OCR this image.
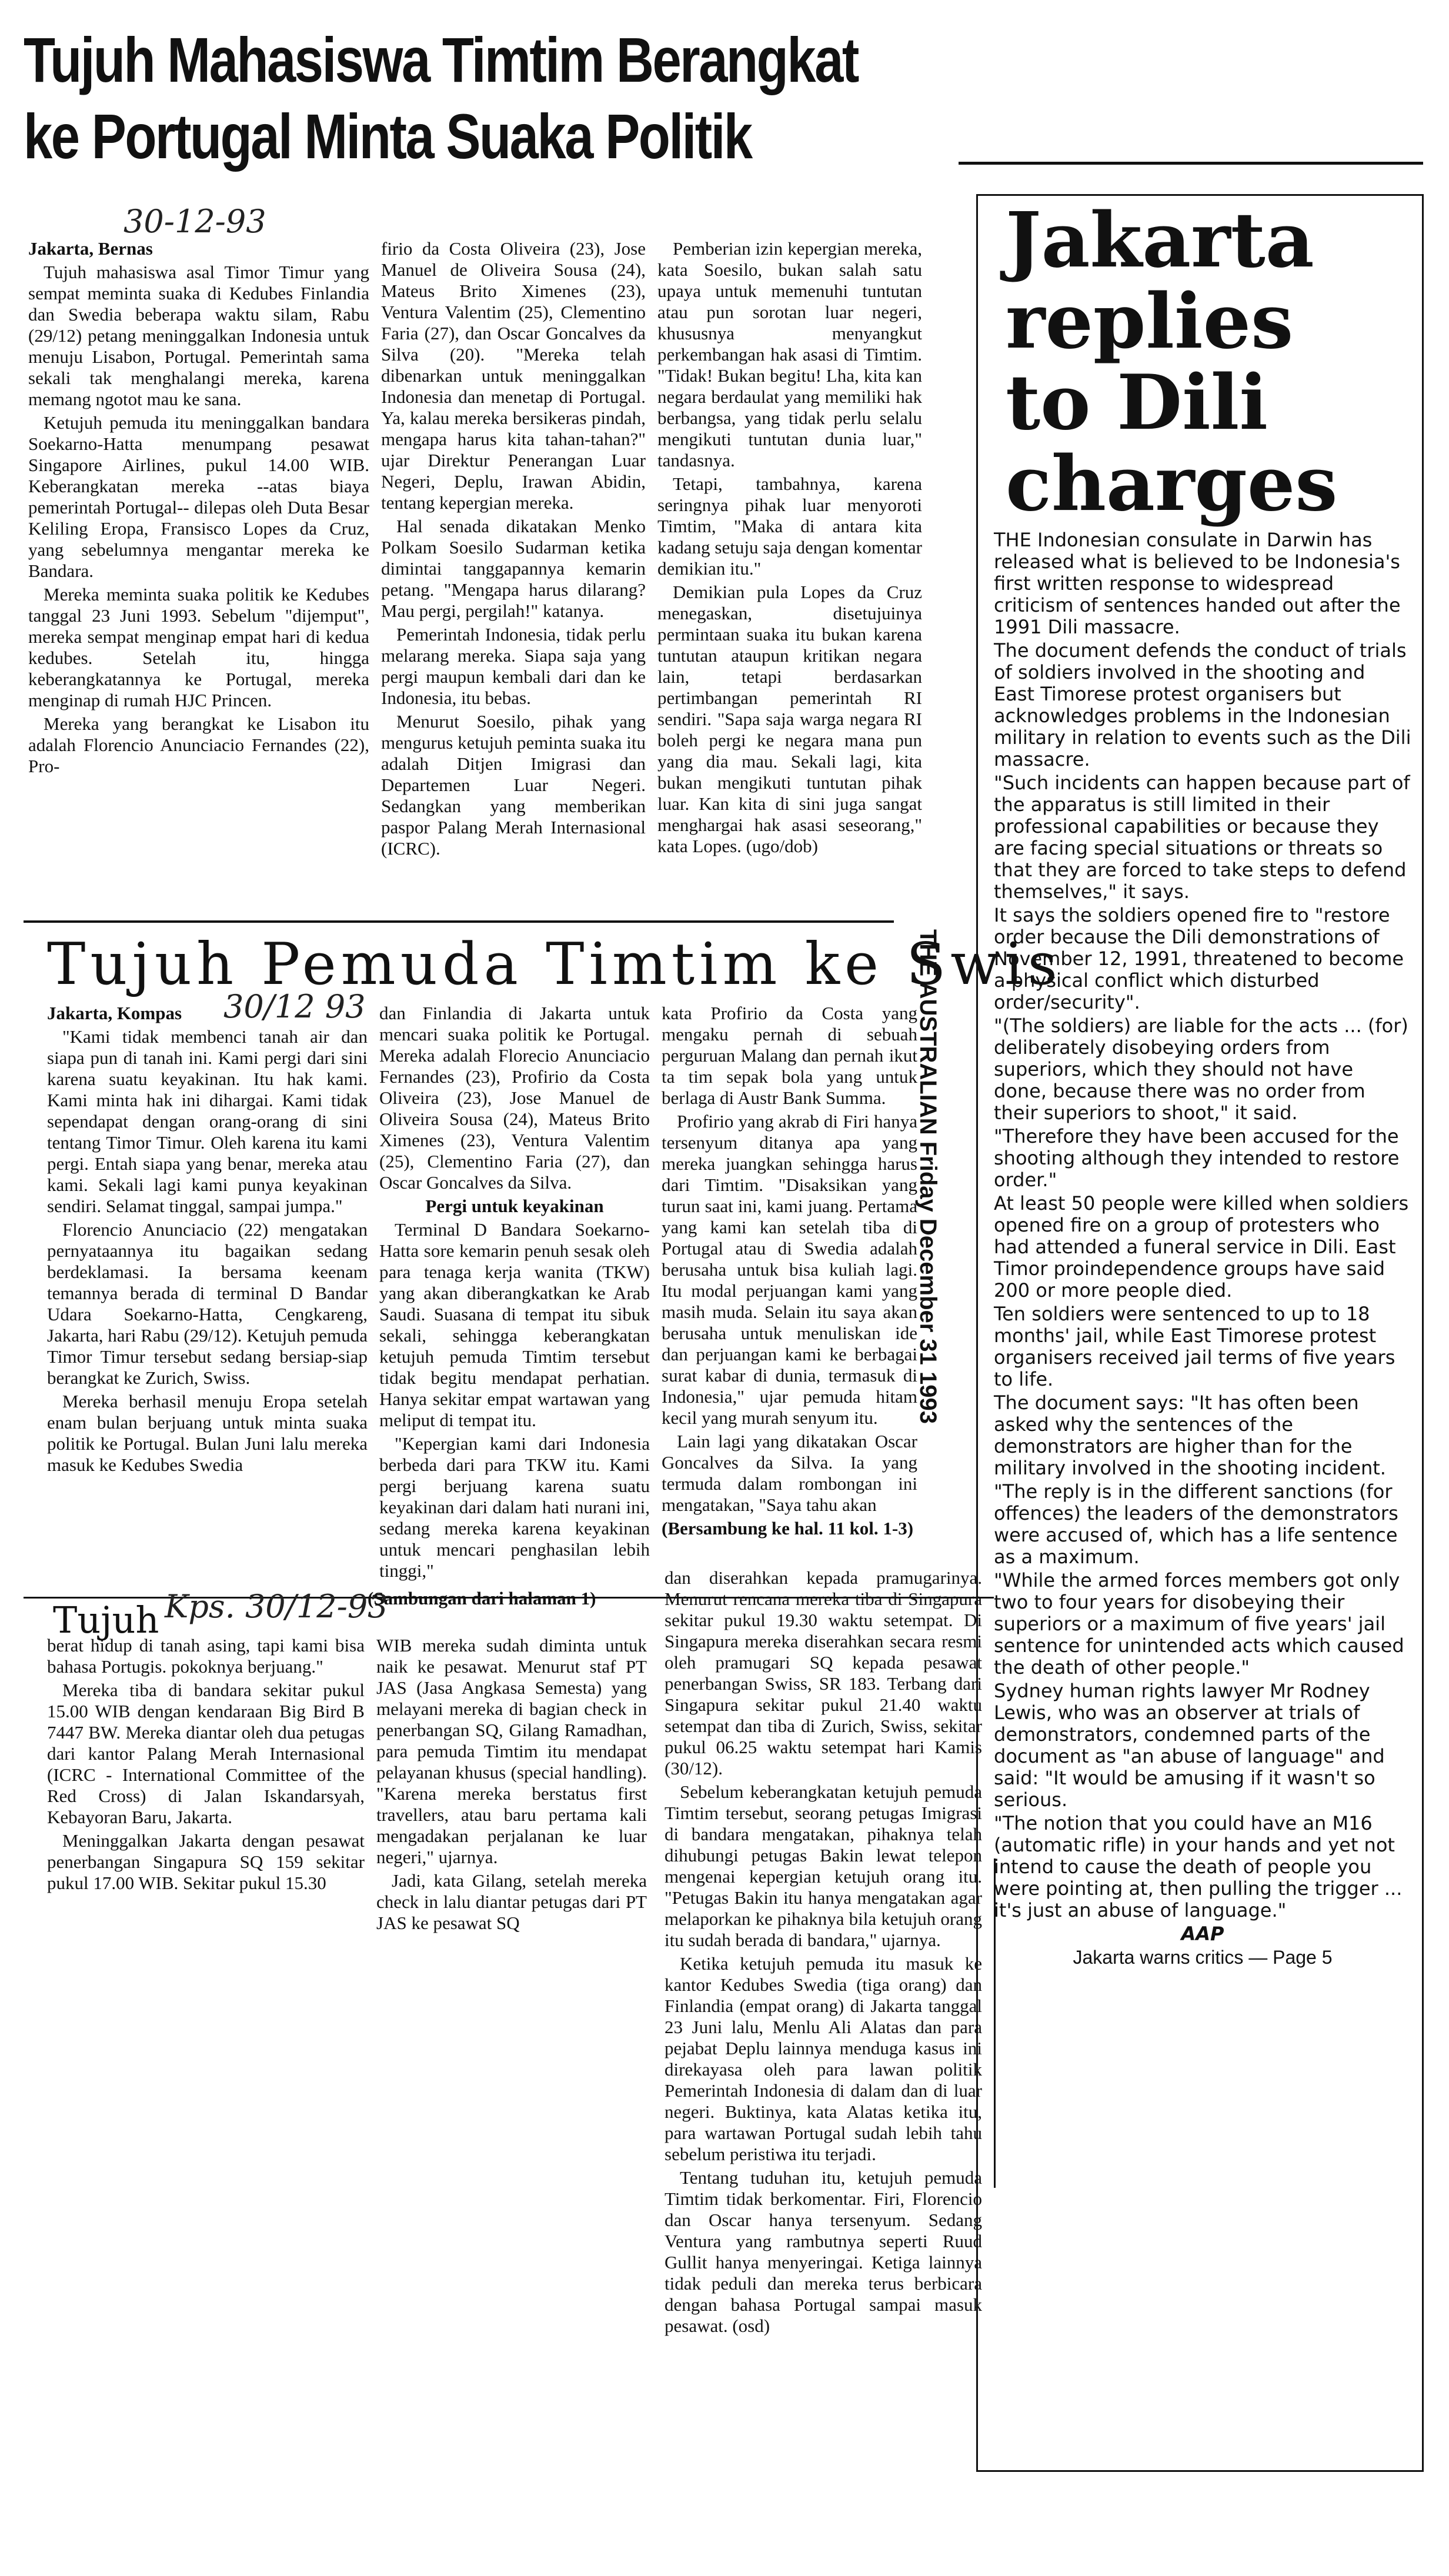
Tujuh Mahasiswa Timtim Berangkat
ke Portugal Minta Suaka Politik
30-12-93

Jakarta, Bernas

Tujuh mahasiswa asal Timor Timur yang sempat meminta suaka di Kedubes Finlandia dan Swedia beberapa waktu silam, Rabu (29/12) petang meninggalkan Indonesia untuk menuju Lisabon, Portugal. Pemerintah sama sekali tak menghalangi mereka, karena memang ngotot mau ke sana.

Ketujuh pemuda itu meninggalkan bandara Soekarno-Hatta menumpang pesawat Singapore Airlines, pukul 14.00 WIB. Keberangkatan mereka --atas biaya pemerintah Portugal-- dilepas oleh Duta Besar Keliling Eropa, Fransisco Lopes da Cruz, yang sebelumnya mengantar mereka ke Bandara.

Mereka meminta suaka politik ke Kedubes tanggal 23 Juni 1993. Sebelum "dijemput", mereka sempat menginap empat hari di kedua kedubes. Setelah itu, hingga keberangkatannya ke Portugal, mereka menginap di rumah HJC Princen.

Mereka yang berangkat ke Lisabon itu adalah Florencio Anunciacio Fernandes (22), Pro-

firio da Costa Oliveira (23), Jose Manuel de Oliveira Sousa (24), Mateus Brito Ximenes (23), Ventura Valentim (25), Clementino Faria (27), dan Oscar Goncalves da Silva (20). "Mereka telah dibenarkan untuk meninggalkan Indonesia dan menetap di Portugal. Ya, kalau mereka bersikeras pindah, mengapa harus kita tahan-tahan?" ujar Direktur Penerangan Luar Negeri, Deplu, Irawan Abidin, tentang kepergian mereka.

Hal senada dikatakan Menko Polkam Soesilo Sudarman ketika dimintai tanggapannya kemarin petang. "Mengapa harus dilarang? Mau pergi, pergilah!" katanya.

Pemerintah Indonesia, tidak perlu melarang mereka. Siapa saja yang pergi maupun kembali dari dan ke Indonesia, itu bebas.

Menurut Soesilo, pihak yang mengurus ketujuh peminta suaka itu adalah Ditjen Imigrasi dan Departemen Luar Negeri. Sedangkan yang memberikan paspor Palang Merah Internasional (ICRC).

Pemberian izin kepergian mereka, kata Soesilo, bukan salah satu upaya untuk memenuhi tuntutan atau pun sorotan luar negeri, khususnya menyangkut perkembangan hak asasi di Timtim. "Tidak! Bukan begitu! Lha, kita kan negara berdaulat yang memiliki hak berbangsa, yang tidak perlu selalu mengikuti tuntutan dunia luar," tandasnya.

Tetapi, tambahnya, karena seringnya pihak luar menyoroti Timtim, "Maka di antara kita kadang setuju saja dengan komentar demikian itu."

Demikian pula Lopes da Cruz menegaskan, disetujuinya permintaan suaka itu bukan karena tuntutan ataupun kritikan negara lain, tetapi berdasarkan pertimbangan pemerintah RI sendiri. "Sapa saja warga negara RI boleh pergi ke negara mana pun yang dia mau. Sekali lagi, kita bukan mengikuti tuntutan pihak luar. Kan kita di sini juga sangat menghargai hak asasi seseorang," kata Lopes. (ugo/dob)

Tujuh Pemuda Timtim ke Swis
30/12 93

Jakarta, Kompas

"Kami tidak membenci tanah air dan siapa pun di tanah ini. Kami pergi dari sini karena suatu keyakinan. Itu hak kami. Kami minta hak ini dihargai. Kami tidak sependapat dengan orang-orang di sini tentang Timor Timur. Oleh karena itu kami pergi. Entah siapa yang benar, mereka atau kami. Sekali lagi kami punya keyakinan sendiri. Selamat tinggal, sampai jumpa."

Florencio Anunciacio (22) mengatakan pernyataannya itu bagaikan sedang berdeklamasi. Ia bersama keenam temannya berada di terminal D Bandar Udara Soekarno-Hatta, Cengkareng, Jakarta, hari Rabu (29/12). Ketujuh pemuda Timor Timur tersebut sedang bersiap-siap berangkat ke Zurich, Swiss.

Mereka berhasil menuju Eropa setelah enam bulan berjuang untuk minta suaka politik ke Portugal. Bulan Juni lalu mereka masuk ke Kedubes Swedia

dan Finlandia di Jakarta untuk mencari suaka politik ke Portugal. Mereka adalah Florecio Anunciacio Fernandes (23), Profirio da Costa Oliveira (23), Jose Manuel de Oliveira Sousa (24), Mateus Brito Ximenes (23), Ventura Valentim (25), Clementino Faria (27), dan Oscar Goncalves da Silva.

Pergi untuk keyakinan

Terminal D Bandara Soekarno-Hatta sore kemarin penuh sesak oleh para tenaga kerja wanita (TKW) yang akan diberangkatkan ke Arab Saudi. Suasana di tempat itu sibuk sekali, sehingga keberangkatan ketujuh pemuda Timtim tersebut tidak begitu mendapat perhatian. Hanya sekitar empat wartawan yang meliput di tempat itu.

"Kepergian kami dari Indonesia berbeda dari para TKW itu. Kami pergi berjuang karena suatu keyakinan dari dalam hati nurani ini, sedang mereka karena keyakinan untuk mencari penghasilan lebih tinggi,"

kata Profirio da Costa yang mengaku pernah di sebuah perguruan Malang dan pernah ikut ta tim sepak bola yang untuk berlaga di Austr Bank Summa.

Profirio yang akrab di Firi hanya tersenyum ditanya apa yang mereka juangkan sehingga harus dari Timtim. "Disaksikan yang turun saat ini, kami juang. Pertama yang kami kan setelah tiba di Portugal atau di Swedia adalah berusaha untuk bisa kuliah lagi. Itu modal perjuangan kami yang masih muda. Selain itu saya akan berusaha untuk menuliskan ide dan perjuangan kami ke berbagai surat kabar di dunia, termasuk di Indonesia," ujar pemuda hitam kecil yang murah senyum itu.

Lain lagi yang dikatakan Oscar Goncalves da Silva. Ia yang termuda dalam rombongan ini mengatakan, "Saya tahu akan

(Bersambung ke hal. 11 kol. 1-3)

THE AUSTRALIAN Friday December 31 1993
Tujuh Kps. 30/12-93
(Sambungan dari halaman 1)

berat hidup di tanah asing, tapi kami bisa bahasa Portugis. pokoknya berjuang."

Mereka tiba di bandara sekitar pukul 15.00 WIB dengan kendaraan Big Bird B 7447 BW. Mereka diantar oleh dua petugas dari kantor Palang Merah Internasional (ICRC - International Committee of the Red Cross) di Jalan Iskandarsyah, Kebayoran Baru, Jakarta.

Meninggalkan Jakarta dengan pesawat penerbangan Singapura SQ 159 sekitar pukul 17.00 WIB. Sekitar pukul 15.30

WIB mereka sudah diminta untuk naik ke pesawat. Menurut staf PT JAS (Jasa Angkasa Semesta) yang melayani mereka di bagian check in penerbangan SQ, Gilang Ramadhan, para pemuda Timtim itu mendapat pelayanan khusus (special handling). "Karena mereka berstatus first travellers, atau baru pertama kali mengadakan perjalanan ke luar negeri," ujarnya.

Jadi, kata Gilang, setelah mereka check in lalu diantar petugas dari PT JAS ke pesawat SQ

dan diserahkan kepada pramugarinya. Menurut rencana mereka tiba di Singapura sekitar pukul 19.30 waktu setempat. Di Singapura mereka diserahkan secara resmi oleh pramugari SQ kepada pesawat penerbangan Swiss, SR 183. Terbang dari Singapura sekitar pukul 21.40 waktu setempat dan tiba di Zurich, Swiss, sekitar pukul 06.25 waktu setempat hari Kamis (30/12).

Sebelum keberangkatan ketujuh pemuda Timtim tersebut, seorang petugas Imigrasi di bandara mengatakan, pihaknya telah dihubungi petugas Bakin lewat telepon mengenai kepergian ketujuh orang itu. "Petugas Bakin itu hanya mengatakan agar melaporkan ke pihaknya bila ketujuh orang itu sudah berada di bandara," ujarnya.

Ketika ketujuh pemuda itu masuk ke kantor Kedubes Swedia (tiga orang) dan Finlandia (empat orang) di Jakarta tanggal 23 Juni lalu, Menlu Ali Alatas dan para pejabat Deplu lainnya menduga kasus ini direkayasa oleh para lawan politik Pemerintah Indonesia di dalam dan di luar negeri. Buktinya, kata Alatas ketika itu, para wartawan Portugal sudah lebih tahu sebelum peristiwa itu terjadi.

Tentang tuduhan itu, ketujuh pemuda Timtim tidak berkomentar. Firi, Florencio dan Oscar hanya tersenyum. Sedang Ventura yang rambutnya seperti Ruud Gullit hanya menyeringai. Ketiga lainnya tidak peduli dan mereka terus berbicara dengan bahasa Portugal sampai masuk pesawat. (osd)

Jakarta
replies
to Dili
charges

THE Indonesian consulate in Darwin has released what is believed to be Indonesia's first written response to widespread criticism of sentences handed out after the 1991 Dili massacre.

The document defends the conduct of trials of soldiers involved in the shooting and East Timorese protest organisers but acknowledges problems in the Indonesian military in relation to events such as the Dili massacre.

"Such incidents can happen because part of the apparatus is still limited in their professional capabilities or because they are facing special situations or threats so that they are forced to take steps to defend themselves," it says.

It says the soldiers opened fire to "restore order because the Dili demonstrations of November 12, 1991, threatened to become a physical conflict which disturbed order/security".

"(The soldiers) are liable for the acts ... (for) deliberately disobeying orders from superiors, which they should not have done, because there was no order from their superiors to shoot," it said.

"Therefore they have been accused for the shooting although they intended to restore order."

At least 50 people were killed when soldiers opened fire on a group of protesters who had attended a funeral service in Dili. East Timor proindependence groups have said 200 or more people died.

Ten soldiers were sentenced to up to 18 months' jail, while East Timorese protest organisers received jail terms of five years to life.

The document says: "It has often been asked why the sentences of the demonstrators are higher than for the military involved in the shooting incident.

"The reply is in the different sanctions (for offences) the leaders of the demonstrators were accused of, which has a life sentence as a maximum.

"While the armed forces members got only two to four years for disobeying their superiors or a maximum of five years' jail sentence for unintended acts which caused the death of other people."

Sydney human rights lawyer Mr Rodney Lewis, who was an observer at trials of demonstrators, condemned parts of the document as "an abuse of language" and said: "It would be amusing if it wasn't so serious.

"The notion that you could have an M16 (automatic rifle) in your hands and yet not intend to cause the death of people you were pointing at, then pulling the trigger ... it's just an abuse of language."

AAP

Jakarta warns critics — Page 5
